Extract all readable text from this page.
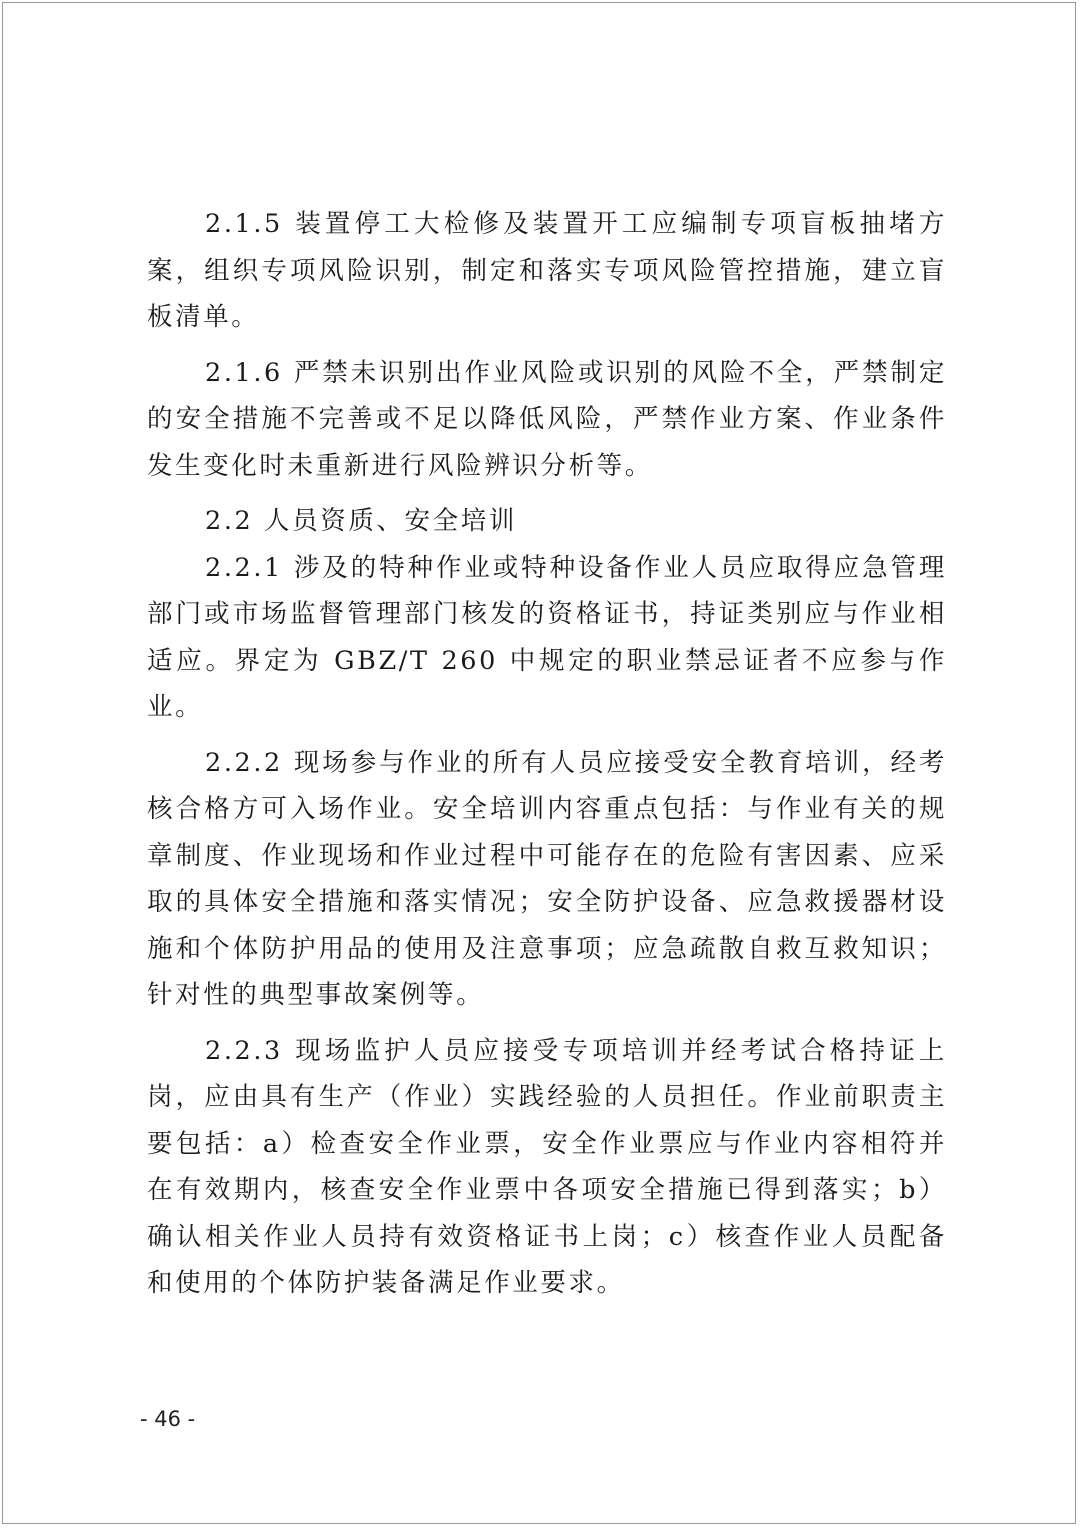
2.1.5 装置停工大检修及装置开工应编制专项盲板抽堵方案，组织专项风险识别，制定和落实专项风险管控措施，建立盲板清单。

2.1.6 严禁未识别出作业风险或识别的风险不全，严禁制定的安全措施不完善或不足以降低风险，严禁作业方案、作业条件发生变化时未重新进行风险辨识分析等。

2.2 人员资质、安全培训

2.2.1 涉及的特种作业或特种设备作业人员应取得应急管理部门或市场监督管理部门核发的资格证书，持证类别应与作业相适应。界定为 GBZ/T 260 中规定的职业禁忌证者不应参与作业。

2.2.2 现场参与作业的所有人员应接受安全教育培训，经考核合格方可入场作业。安全培训内容重点包括：与作业有关的规章制度、作业现场和作业过程中可能存在的危险有害因素、应采取的具体安全措施和落实情况；安全防护设备、应急救援器材设施和个体防护用品的使用及注意事项；应急疏散自救互救知识；针对性的典型事故案例等。

2.2.3 现场监护人员应接受专项培训并经考试合格持证上岗，应由具有生产（作业）实践经验的人员担任。作业前职责主要包括：a）检查安全作业票，安全作业票应与作业内容相符并在有效期内，核查安全作业票中各项安全措施已得到落实；b）确认相关作业人员持有效资格证书上岗；c）核查作业人员配备和使用的个体防护装备满足作业要求。

- 46 -
